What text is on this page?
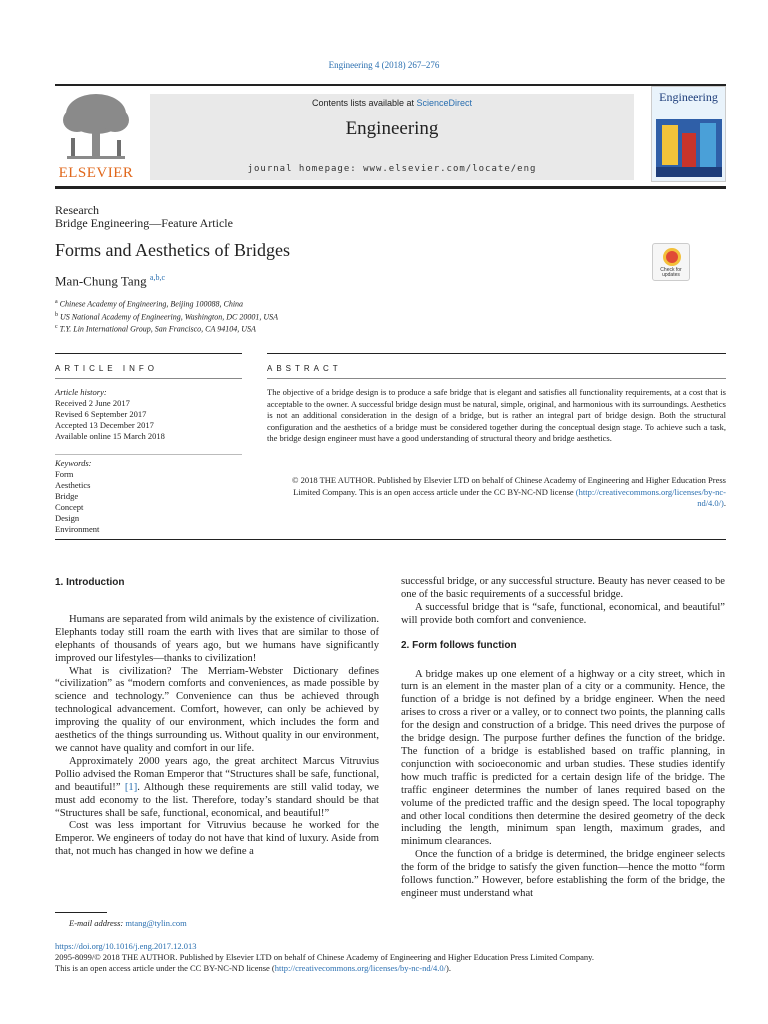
Engineering 4 (2018) 267–276
ELSEVIER
Contents lists available at ScienceDirect
Engineering
journal homepage: www.elsevier.com/locate/eng
Engineering
Research
Bridge Engineering—Feature Article
Forms and Aesthetics of Bridges
Man-Chung Tang $^{a,b,c}$
Check for updates
$^a$ Chinese Academy of Engineering, Beijing 100088, China
$^b$ US National Academy of Engineering, Washington, DC 20001, USA
$^c$ T.Y. Lin International Group, San Francisco, CA 94104, USA
ARTICLE INFO	ABSTRACT
Article history:
Received 2 June 2017
Revised 6 September 2017
Accepted 13 December 2017
Available online 15 March 2018
Keywords:
Form
Aesthetics
Bridge
Concept
Design
Environment
The objective of a bridge design is to produce a safe bridge that is elegant and satisfies all functionality requirements, at a cost that is acceptable to the owner. A successful bridge design must be natural, simple, original, and harmonious with its surroundings. Aesthetics is not an additional consideration in the design of a bridge, but is rather an integral part of bridge design. Both the structural configuration and the aesthetics of a bridge must be considered together during the conceptual design stage. To achieve such a task, the bridge design engineer must have a good understanding of structural theory and bridge aesthetics.
© 2018 THE AUTHOR. Published by Elsevier LTD on behalf of Chinese Academy of Engineering and Higher Education Press Limited Company. This is an open access article under the CC BY-NC-ND license (http://creativecommons.org/licenses/by-nc-nd/4.0/).
1. Introduction

Humans are separated from wild animals by the existence of civilization. Elephants today still roam the earth with lives that are similar to those of elephants of thousands of years ago, but we humans have significantly improved our lifestyles—thanks to civilization!

What is civilization? The Merriam-Webster Dictionary defines “civilization” as “modern comforts and conveniences, as made possible by science and technology.” Convenience can thus be achieved through technological advancement. Comfort, however, can only be achieved by improving the quality of our environment, which includes the form and aesthetics of the things surrounding us. Without quality in our environment, we cannot have quality and comfort in our life.

Approximately 2000 years ago, the great architect Marcus Vitruvius Pollio advised the Roman Emperor that “Structures shall be safe, functional, and beautiful!” [1]. Although these requirements are still valid today, we must add economy to the list. Therefore, today’s standard should be that “Structures shall be safe, functional, economical, and beautiful!”

Cost was less important for Vitruvius because he worked for the Emperor. We engineers of today do not have that kind of luxury. Aside from that, not much has changed in how we define a

successful bridge, or any successful structure. Beauty has never ceased to be one of the basic requirements of a successful bridge.

A successful bridge that is “safe, functional, economical, and beautiful” will provide both comfort and convenience.

2. Form follows function

A bridge makes up one element of a highway or a city street, which in turn is an element in the master plan of a city or a community. Hence, the function of a bridge is not defined by a bridge engineer. When the need arises to cross a river or a valley, or to connect two points, the planning calls for the design and construction of a bridge. This need drives the purpose of the bridge design. The purpose further defines the function of the bridge. The function of a bridge is established based on traffic planning, in conjunction with socioeconomic and urban studies. These studies identify how much traffic is predicted for a certain design life of the bridge. The traffic engineer determines the number of lanes required based on the volume of the predicted traffic and the design speed. The local topography and other local conditions then determine the desired geometry of the deck including the length, minimum span length, maximum grades, and minimum clearances.

Once the function of a bridge is determined, the bridge engineer selects the form of the bridge to satisfy the given function—hence the motto “form follows function.” However, before establishing the form of the bridge, the engineer must understand what

E-mail address: mtang@tylin.com
https://doi.org/10.1016/j.eng.2017.12.013
2095-8099/© 2018 THE AUTHOR. Published by Elsevier LTD on behalf of Chinese Academy of Engineering and Higher Education Press Limited Company.
This is an open access article under the CC BY-NC-ND license (http://creativecommons.org/licenses/by-nc-nd/4.0/).
